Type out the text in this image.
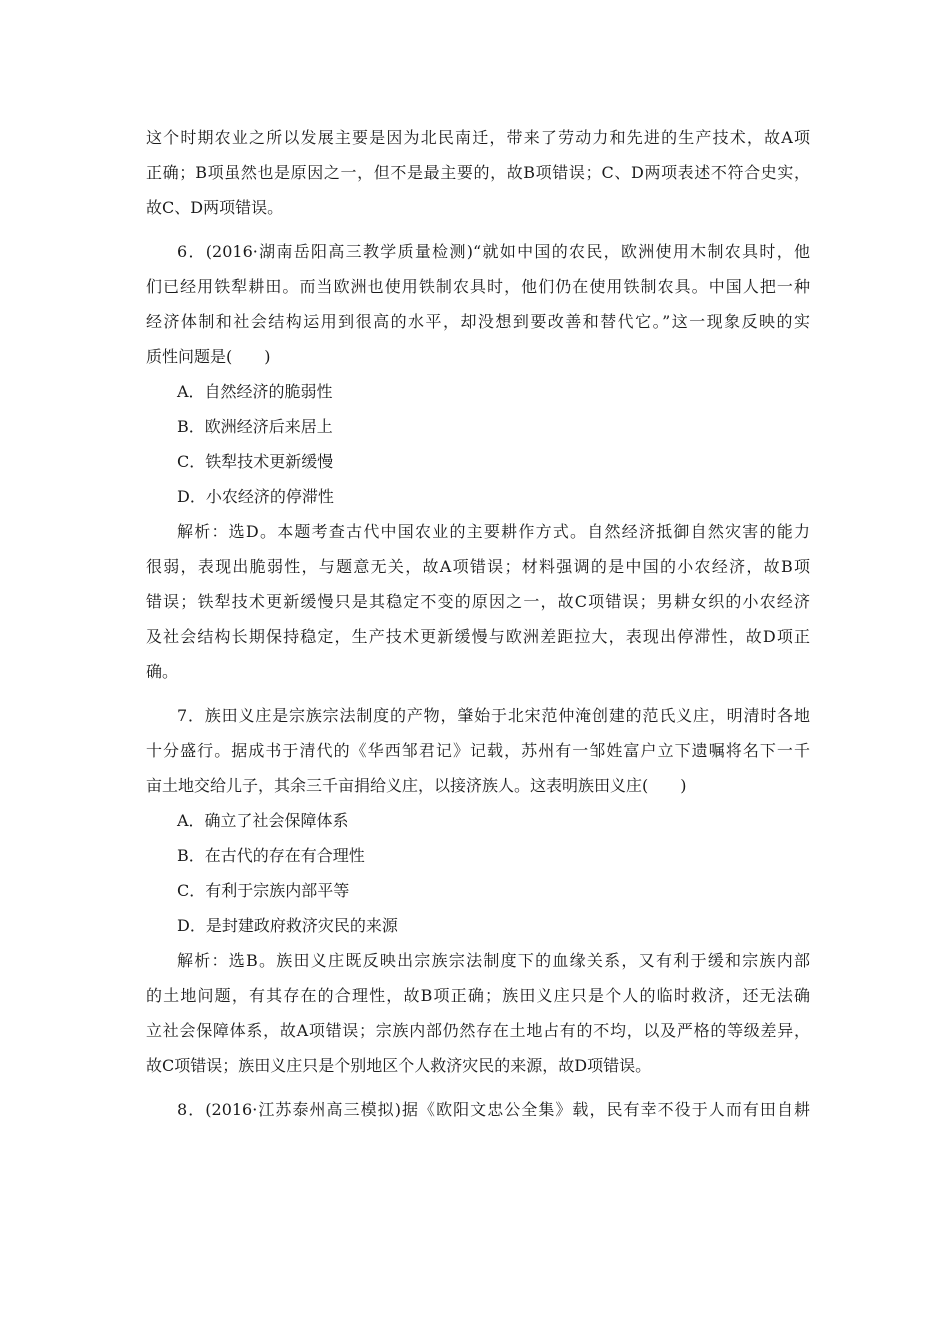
这个时期农业之所以发展主要是因为北民南迁，带来了劳动力和先进的生产技术，故A项
正确；B项虽然也是原因之一，但不是最主要的，故B项错误；C、D两项表述不符合史实，
故C、D两项错误。
6．(2016·湖南岳阳高三教学质量检测)“就如中国的农民，欧洲使用木制农具时，他
们已经用铁犁耕田。而当欧洲也使用铁制农具时，他们仍在使用铁制农具。中国人把一种
经济体制和社会结构运用到很高的水平，却没想到要改善和替代它。”这一现象反映的实
质性问题是(　　)
A．自然经济的脆弱性
B．欧洲经济后来居上
C．铁犁技术更新缓慢
D．小农经济的停滞性
解析：选D。本题考查古代中国农业的主要耕作方式。自然经济抵御自然灾害的能力
很弱，表现出脆弱性，与题意无关，故A项错误；材料强调的是中国的小农经济，故B项
错误；铁犁技术更新缓慢只是其稳定不变的原因之一，故C项错误；男耕女织的小农经济
及社会结构长期保持稳定，生产技术更新缓慢与欧洲差距拉大，表现出停滞性，故D项正
确。
7．族田义庄是宗族宗法制度的产物，肇始于北宋范仲淹创建的范氏义庄，明清时各地
十分盛行。据成书于清代的《华西邹君记》记载，苏州有一邹姓富户立下遗嘱将名下一千
亩土地交给儿子，其余三千亩捐给义庄，以接济族人。这表明族田义庄(　　)
A．确立了社会保障体系
B．在古代的存在有合理性
C．有利于宗族内部平等
D．是封建政府救济灾民的来源
解析：选B。族田义庄既反映出宗族宗法制度下的血缘关系，又有利于缓和宗族内部
的土地问题，有其存在的合理性，故B项正确；族田义庄只是个人的临时救济，还无法确
立社会保障体系，故A项错误；宗族内部仍然存在土地占有的不均，以及严格的等级差异，
故C项错误；族田义庄只是个别地区个人救济灾民的来源，故D项错误。
8．(2016·江苏泰州高三模拟)据《欧阳文忠公全集》载，民有幸不役于人而有田自耕
